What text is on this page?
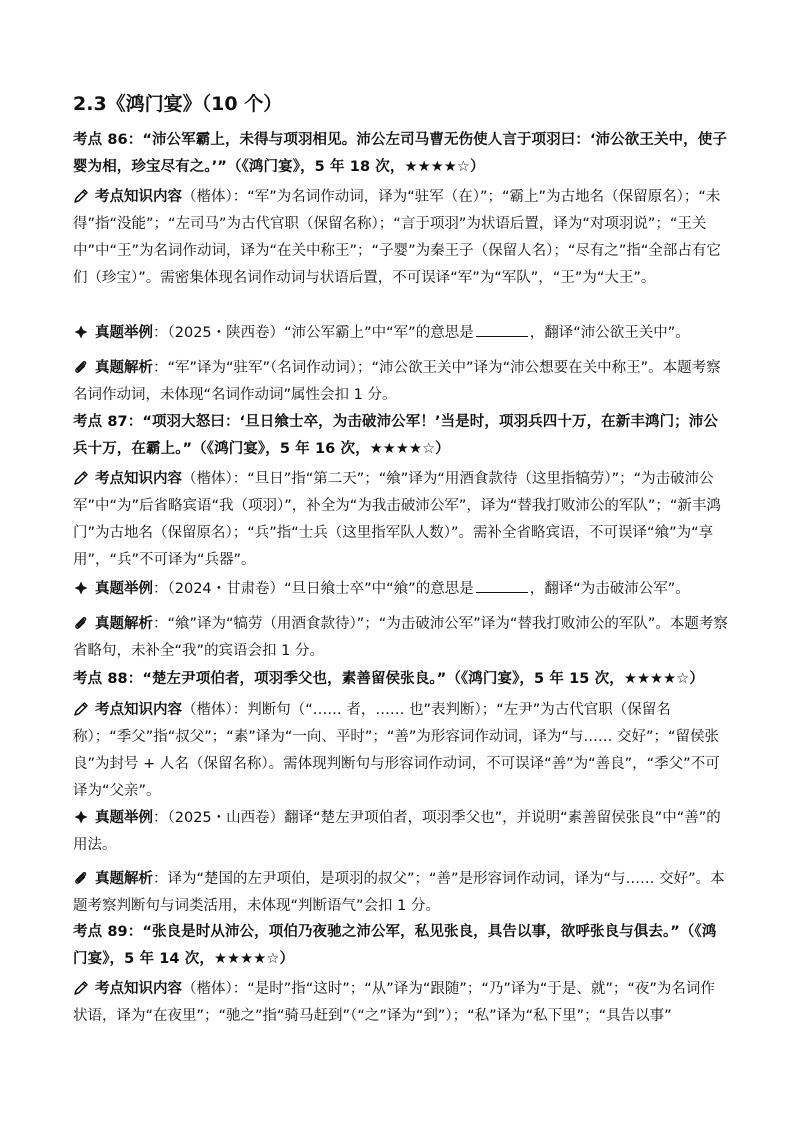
2.3《鸿门宴》（10 个）
考点 86：“沛公军霸上，未得与项羽相见。沛公左司马曹无伤使人言于项羽曰：‘沛公欲王关中，使子婴为相，珍宝尽有之。’”（《鸿门宴》，5 年 18 次，★★★★☆）
考点知识内容（楷体）：“军”为名词作动词，译为“驻军（在）”；“霸上”为古地名（保留原名）；“未得”指“没能”；“左司马”为古代官职（保留名称）；“言于项羽”为状语后置，译为“对项羽说”；“王关中”中“王”为名词作动词，译为“在关中称王”；“子婴”为秦王子（保留人名）；“尽有之”指“全部占有它们（珍宝）”。需密集体现名词作动词与状语后置，不可误译“军”为“军队”，“王”为“大王”。
真题举例：（2025・陕西卷）“沛公军霸上”中“军”的意思是	，翻译“沛公欲王关中”。
真题解析：“军”译为“驻军”（名词作动词）；“沛公欲王关中”译为“沛公想要在关中称王”。本题考察名词作动词，未体现“名词作动词”属性会扣 1 分。
考点 87：“项羽大怒曰：‘旦日飨士卒，为击破沛公军！’当是时，项羽兵四十万，在新丰鸿门；沛公兵十万，在霸上。”（《鸿门宴》，5 年 16 次，★★★★☆）
考点知识内容（楷体）：“旦日”指“第二天”；“飨”译为“用酒食款待（这里指犒劳）”；“为击破沛公军”中“为”后省略宾语“我（项羽）”，补全为“为我击破沛公军”，译为“替我打败沛公的军队”；“新丰鸿门”为古地名（保留原名）；“兵”指“士兵（这里指军队人数）”。需补全省略宾语，不可误译“飨”为“享用”，“兵”不可译为“兵器”。
真题举例：（2024・甘肃卷）“旦日飨士卒”中“飨”的意思是	，翻译“为击破沛公军”。
真题解析：“飨”译为“犒劳（用酒食款待）”；“为击破沛公军”译为“替我打败沛公的军队”。本题考察省略句，未补全“我”的宾语会扣 1 分。
考点 88：“楚左尹项伯者，项羽季父也，素善留侯张良。”（《鸿门宴》，5 年 15 次，★★★★☆）
考点知识内容（楷体）：判断句（“…… 者，…… 也”表判断）；“左尹”为古代官职（保留名称）；“季父”指“叔父”；“素”译为“一向、平时”；“善”为形容词作动词，译为“与…… 交好”；“留侯张良”为封号 + 人名（保留名称）。需体现判断句与形容词作动词，不可误译“善”为“善良”，“季父”不可译为“父亲”。
真题举例：（2025・山西卷）翻译“楚左尹项伯者，项羽季父也”，并说明“素善留侯张良”中“善”的用法。
真题解析：译为“楚国的左尹项伯，是项羽的叔父”；“善”是形容词作动词，译为“与…… 交好”。本题考察判断句与词类活用，未体现“判断语气”会扣 1 分。
考点 89：“张良是时从沛公，项伯乃夜驰之沛公军，私见张良，具告以事，欲呼张良与俱去。”（《鸿门宴》，5 年 14 次，★★★★☆）
考点知识内容（楷体）：“是时”指“这时”；“从”译为“跟随”；“乃”译为“于是、就”；“夜”为名词作状语，译为“在夜里”；“驰之”指“骑马赶到”（“之”译为“到”）；“私”译为“私下里”；“具告以事”
